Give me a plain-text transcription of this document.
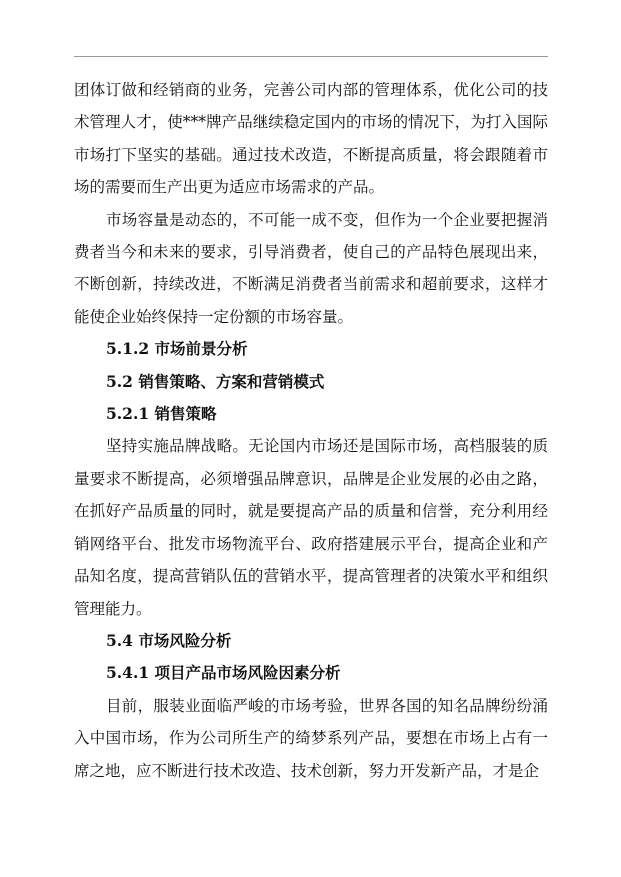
团体订做和经销商的业务，完善公司内部的管理体系，优化公司的技术管理人才，使***牌产品继续稳定国内的市场的情况下，为打入国际市场打下坚实的基础。通过技术改造，不断提高质量，将会跟随着市场的需要而生产出更为适应市场需求的产品。

市场容量是动态的，不可能一成不变，但作为一个企业要把握消费者当今和未来的要求，引导消费者，使自己的产品特色展现出来，不断创新，持续改进，不断满足消费者当前需求和超前要求，这样才能使企业始终保持一定份额的市场容量。

5.1.2 市场前景分析

5.2 销售策略、方案和营销模式

5.2.1 销售策略

坚持实施品牌战略。无论国内市场还是国际市场，高档服装的质量要求不断提高，必须增强品牌意识，品牌是企业发展的必由之路，在抓好产品质量的同时，就是要提高产品的质量和信誉，充分利用经销网络平台、批发市场物流平台、政府搭建展示平台，提高企业和产品知名度，提高营销队伍的营销水平，提高管理者的决策水平和组织管理能力。

5.4 市场风险分析

5.4.1 项目产品市场风险因素分析

目前，服装业面临严峻的市场考验，世界各国的知名品牌纷纷涌入中国市场，作为公司所生产的绮梦系列产品，要想在市场上占有一席之地，应不断进行技术改造、技术创新，努力开发新产品，才是企
